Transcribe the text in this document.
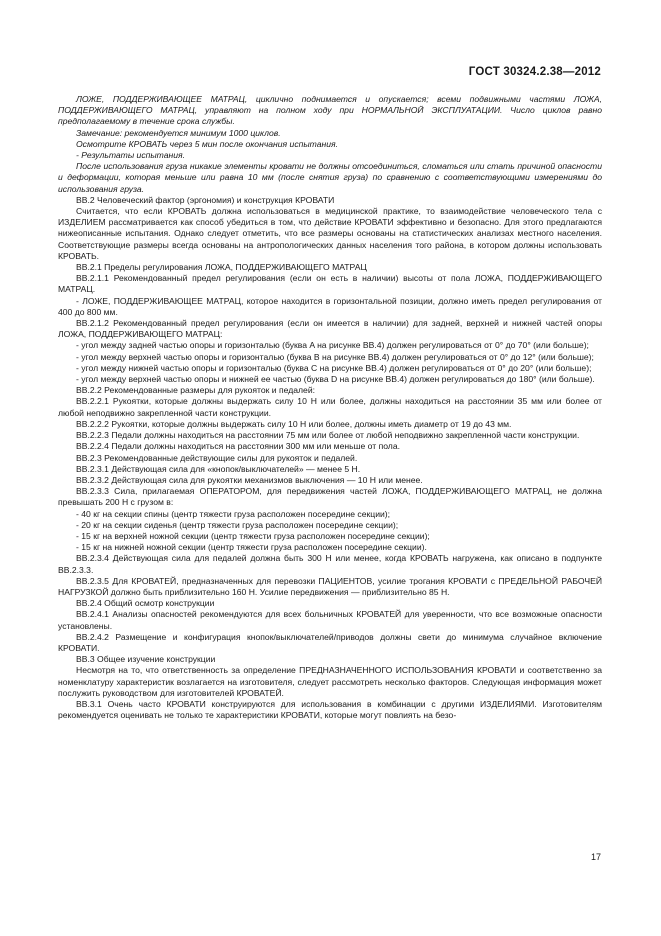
ГОСТ 30324.2.38—2012

ЛОЖЕ, ПОДДЕРЖИВАЮЩЕЕ МАТРАЦ, циклично поднимается и опускается; всеми подвижными частями ЛОЖА, ПОДДЕРЖИВАЮЩЕГО МАТРАЦ, управляют на полном ходу при НОРМАЛЬНОЙ ЭКСПЛУАТАЦИИ. Число циклов равно предполагаемому в течение срока службы.

Замечание: рекомендуется минимум 1000 циклов.

Осмотрите КРОВАТЬ через 5 мин после окончания испытания.

- Результаты испытания.

После использования груза никакие элементы кровати не должны отсоединиться, сломаться или стать причиной опасности и деформации, которая меньше или равна 10 мм (после снятия груза) по сравнению с соответствующими измерениями до использования груза.

ВВ.2 Человеческий фактор (эргономия) и конструкция КРОВАТИ

Считается, что если КРОВАТЬ должна использоваться в медицинской практике, то взаимодействие человеческого тела с ИЗДЕЛИЕМ рассматривается как способ убедиться в том, что действие КРОВАТИ эффективно и безопасно. Для этого предлагаются нижеописанные испытания. Однако следует отметить, что все размеры основаны на статистических анализах местного населения. Соответствующие размеры всегда основаны на антропологических данных населения того района, в котором должны использовать КРОВАТЬ.

ВВ.2.1 Пределы регулирования ЛОЖА, ПОДДЕРЖИВАЮЩЕГО МАТРАЦ

ВВ.2.1.1 Рекомендованный предел регулирования (если он есть в наличии) высоты от пола ЛОЖА, ПОДДЕРЖИВАЮЩЕГО МАТРАЦ.

- ЛОЖЕ, ПОДДЕРЖИВАЮЩЕЕ МАТРАЦ, которое находится в горизонтальной позиции, должно иметь предел регулирования от 400 до 800 мм.

ВВ.2.1.2 Рекомендованный предел регулирования (если он имеется в наличии) для задней, верхней и нижней частей опоры ЛОЖА, ПОДДЕРЖИВАЮЩЕГО МАТРАЦ:

- угол между задней частью опоры и горизонталью (буква A на рисунке ВВ.4) должен регулироваться от 0° до 70° (или больше);

- угол между верхней частью опоры и горизонталью (буква B на рисунке ВВ.4) должен регулироваться от 0° до 12° (или больше);

- угол между нижней частью опоры и горизонталью (буква C на рисунке ВВ.4) должен регулироваться от 0° до 20° (или больше);

- угол между верхней частью опоры и нижней ее частью (буква D на рисунке ВВ.4) должен регулироваться до 180° (или больше).

ВВ.2.2 Рекомендованные размеры для рукояток и педалей:

ВВ.2.2.1 Рукоятки, которые должны выдержать силу 10 Н или более, должны находиться на расстоянии 35 мм или более от любой неподвижно закрепленной части конструкции.

ВВ.2.2.2 Рукоятки, которые должны выдержать силу 10 Н или более, должны иметь диаметр от 19 до 43 мм.

ВВ.2.2.3 Педали должны находиться на расстоянии 75 мм или более от любой неподвижно закрепленной части конструкции.

ВВ.2.2.4 Педали должны находиться на расстоянии 300 мм или меньше от пола.

ВВ.2.3 Рекомендованные действующие силы для рукояток и педалей.

ВВ.2.3.1 Действующая сила для «кнопок/выключателей» — менее 5 Н.

ВВ.2.3.2 Действующая сила для рукоятки механизмов выключения — 10 Н или менее.

ВВ.2.3.3 Сила, прилагаемая ОПЕРАТОРОМ, для передвижения частей ЛОЖА, ПОДДЕРЖИВАЮЩЕГО МАТРАЦ, не должна превышать 200 Н с грузом в:

- 40 кг на секции спины (центр тяжести груза расположен посередине секции);

- 20 кг на секции сиденья (центр тяжести груза расположен посередине секции);

- 15 кг на верхней ножной секции (центр тяжести груза расположен посередине секции);

- 15 кг на нижней ножной секции (центр тяжести груза расположен посередине секции).

ВВ.2.3.4 Действующая сила для педалей должна быть 300 Н или менее, когда КРОВАТЬ нагружена, как описано в подпункте ВВ.2.3.3.

ВВ.2.3.5 Для КРОВАТЕЙ, предназначенных для перевозки ПАЦИЕНТОВ, усилие трогания КРОВАТИ с ПРЕДЕЛЬНОЙ РАБОЧЕЙ НАГРУЗКОЙ должно быть приблизительно 160 Н. Усилие передвижения — приблизительно 85 Н.

ВВ.2.4 Общий осмотр конструкции

ВВ.2.4.1 Анализы опасностей рекомендуются для всех больничных КРОВАТЕЙ для уверенности, что все возможные опасности установлены.

ВВ.2.4.2 Размещение и конфигурация кнопок/выключателей/приводов должны свети до минимума случайное включение КРОВАТИ.

ВВ.3 Общее изучение конструкции

Несмотря на то, что ответственность за определение ПРЕДНАЗНАЧЕННОГО ИСПОЛЬЗОВАНИЯ КРОВАТИ и соответственно за номенклатуру характеристик возлагается на изготовителя, следует рассмотреть несколько факторов. Следующая информация может послужить руководством для изготовителей КРОВАТЕЙ.

ВВ.3.1 Очень часто КРОВАТИ конструируются для использования в комбинации с другими ИЗДЕЛИЯМИ. Изготовителям рекомендуется оценивать не только те характеристики КРОВАТИ, которые могут повлиять на безо-

17
